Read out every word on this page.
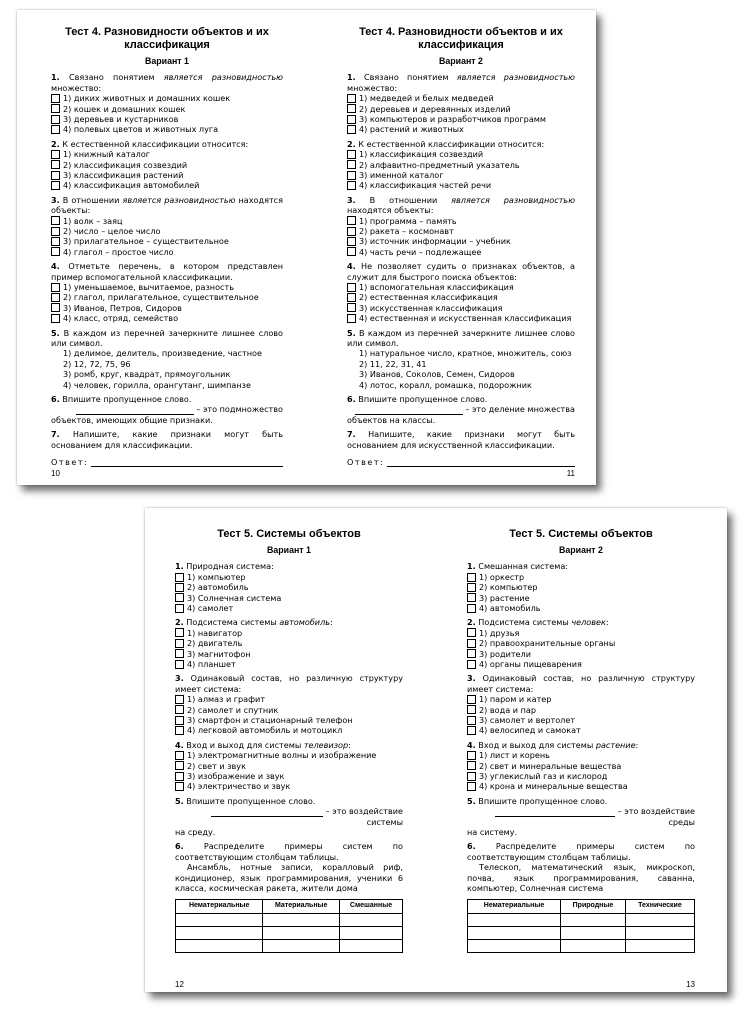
Тест 4. Разновидности объектов и их классификация
Вариант 1
1. Связано понятием является разновидностью множество:
1) диких животных и домашних кошек
2) кошек и домашних кошек
3) деревьев и кустарников
4) полевых цветов и животных луга
2. К естественной классификации относится:
1) книжный каталог
2) классификация созвездий
3) классификация растений
4) классификация автомобилей
3. В отношении является разновидностью находятся объекты:
1) волк – заяц
2) число – целое число
3) прилагательное – существительное
4) глагол – простое число
4. Отметьте перечень, в котором представлен пример вспомогательной классификации.
1) уменьшаемое, вычитаемое, разность
2) глагол, прилагательное, существительное
3) Иванов, Петров, Сидоров
4) класс, отряд, семейство
5. В каждом из перечней зачеркните лишнее слово или символ.
1) делимое, делитель, произведение, частное
2) 12, 72, 75, 96
3) ромб, круг, квадрат, прямоугольник
4) человек, горилла, орангутанг, шимпанзе
6. Впишите пропущенное слово.
– это подмножество
объектов, имеющих общие признаки.
7. Напишите, какие признаки могут быть основанием для классификации.
Ответ:
10
Тест 4. Разновидности объектов и их классификация
Вариант 2
1. Связано понятием является разновидностью множество:
1) медведей и белых медведей
2) деревьев и деревянных изделий
3) компьютеров и разработчиков программ
4) растений и животных
2. К естественной классификации относится:
1) классификация созвездий
2) алфавитно-предметный указатель
3) именной каталог
4) классификация частей речи
3. В отношении является разновидностью находятся объекты:
1) программа – память
2) ракета – космонавт
3) источник информации – учебник
4) часть речи – подлежащее
4. Не позволяет судить о признаках объектов, а служит для быстрого поиска объектов:
1) вспомогательная классификация
2) естественная классификация
3) искусственная классификация
4) естественная и искусственная классификация
5. В каждом из перечней зачеркните лишнее слово или символ.
1) натуральное число, кратное, множитель, союз
2) 11, 22, 31, 41
3) Иванов, Соколов, Семен, Сидоров
4) лотос, коралл, ромашка, подорожник
6. Впишите пропущенное слово.
– это деление множества
объектов на классы.
7. Напишите, какие признаки могут быть основанием для искусственной классификации.
Ответ:
11
Тест 5. Системы объектов
Вариант 1
1. Природная система:
1) компьютер
2) автомобиль
3) Солнечная система
4) самолет
2. Подсистема системы автомобиль:
1) навигатор
2) двигатель
3) магнитофон
4) планшет
3. Одинаковый состав, но различную структуру имеет система:
1) алмаз и графит
2) самолет и спутник
3) смартфон и стационарный телефон
4) легковой автомобиль и мотоцикл
4. Вход и выход для системы телевизор:
1) электромагнитные волны и изображение
2) свет и звук
3) изображение и звук
4) электричество и звук
5. Впишите пропущенное слово.
– это воздействие системы
на среду.
6. Распределите примеры систем по соответствующим столбцам таблицы.
Ансамбль, нотные записи, коралловый риф, кондиционер, язык программирования, ученики 6 класса, космическая ракета, жители дома
Нематериальные	Материальные	Смешанные

12
Тест 5. Системы объектов
Вариант 2
1. Смешанная система:
1) оркестр
2) компьютер
3) растение
4) автомобиль
2. Подсистема системы человек:
1) друзья
2) правоохранительные органы
3) родители
4) органы пищеварения
3. Одинаковый состав, но различную структуру имеет система:
1) паром и катер
2) вода и пар
3) самолет и вертолет
4) велосипед и самокат
4. Вход и выход для системы растение:
1) лист и корень
2) свет и минеральные вещества
3) углекислый газ и кислород
4) крона и минеральные вещества
5. Впишите пропущенное слово.
– это воздействие среды
на систему.
6. Распределите примеры систем по соответствующим столбцам таблицы.
Телескоп, математический язык, микроскоп, почва, язык программирования, саванна, компьютер, Солнечная система
Нематериальные	Природные	Технические

13
